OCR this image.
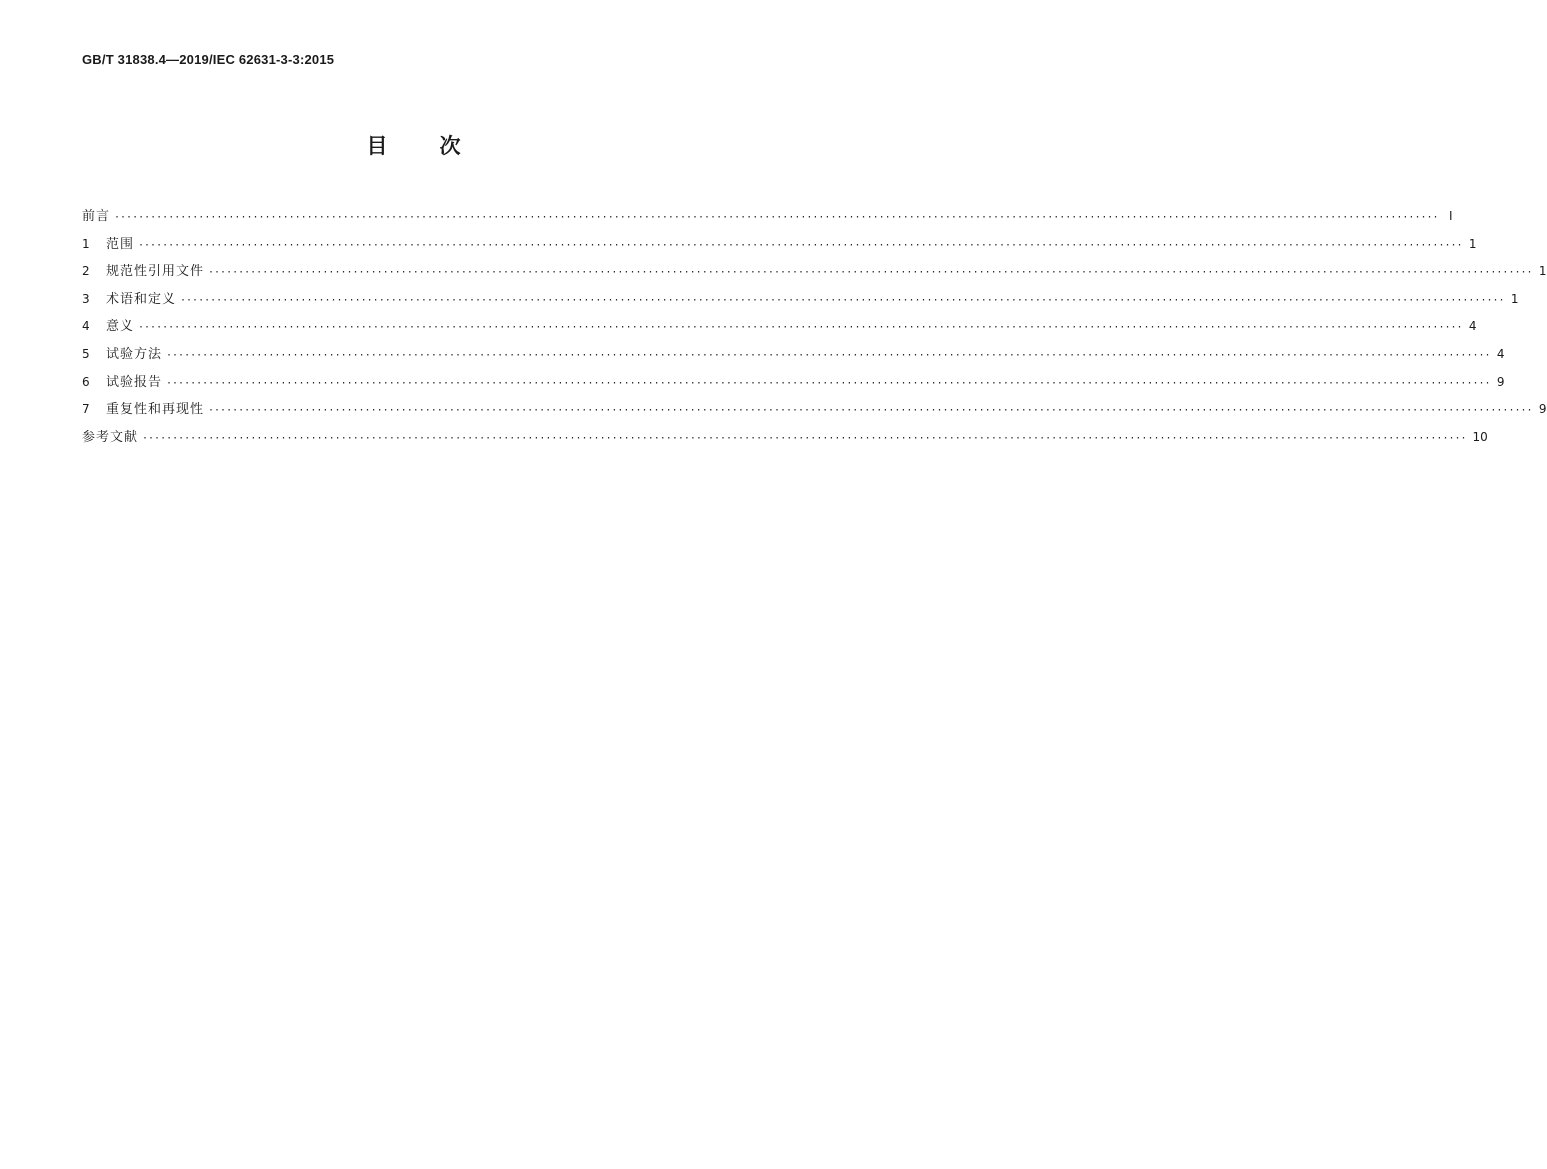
GB/T 31838.4—2019/IEC 62631-3-3:2015
目次
前言 ···························································································································································································································· Ⅰ
1	范围 ···························································································································································································································· 1
2	规范性引用文件 ···························································································································································································································· 1
3	术语和定义 ···························································································································································································································· 1
4	意义 ···························································································································································································································· 4
5	试验方法 ···························································································································································································································· 4
6	试验报告 ···························································································································································································································· 9
7	重复性和再现性 ···························································································································································································································· 9
参考文献 ···························································································································································································································· 10
